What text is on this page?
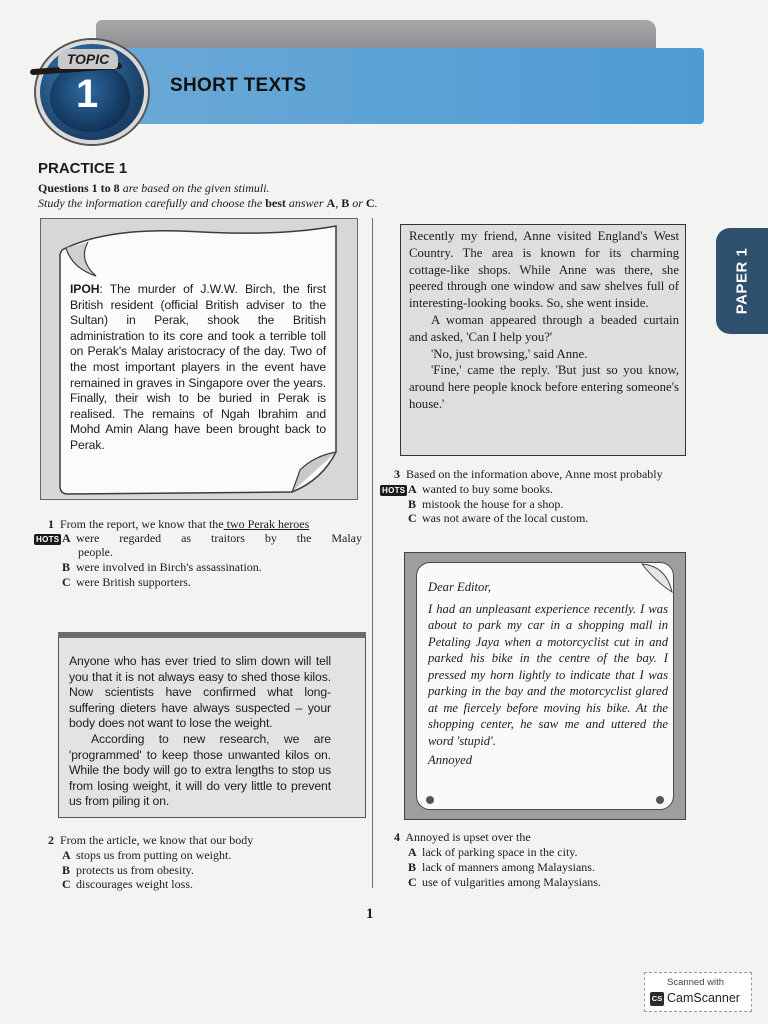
SHORT TEXTS
1
TOPIC
PAPER 1
PRACTICE 1
Questions 1 to 8 are based on the given stimuli.
Study the information carefully and choose the best answer A, B or C.
IPOH: The murder of J.W.W. Birch, the first British resident (official British adviser to the Sultan) in Perak, shook the British administration to its core and took a terrible toll on Perak's Malay aristocracy of the day. Two of the most important players in the event have remained in graves in Singapore over the years. Finally, their wish to be buried in Perak is realised. The remains of Ngah Ibrahim and Mohd Amin Alang have been brought back to Perak.
1 From the report, we know that the two Perak heroes
HOTS A were regarded as traitors by the Malay
people.
B were involved in Birch's assassination.
C were British supporters.
Anyone who has ever tried to slim down will tell you that it is not always easy to shed those kilos. Now scientists have confirmed what long-suffering dieters have always suspected – your body does not want to lose the weight.
According to new research, we are 'programmed' to keep those unwanted kilos on. While the body will go to extra lengths to stop us from losing weight, it will do very little to prevent us from piling it on.
2 From the article, we know that our body
A stops us from putting on weight.
B protects us from obesity.
C discourages weight loss.
Recently my friend, Anne visited England's West Country. The area is known for its charming cottage-like shops. While Anne was there, she peered through one window and saw shelves full of interesting-looking books. So, she went inside.
A woman appeared through a beaded curtain and asked, 'Can I help you?'
'No, just browsing,' said Anne.
'Fine,' came the reply. 'But just so you know, around here people knock before entering someone's house.'
3 Based on the information above, Anne most probably
HOTS A wanted to buy some books.
B mistook the house for a shop.
C was not aware of the local custom.
Dear Editor,
I had an unpleasant experience recently. I was about to park my car in a shopping mall in Petaling Jaya when a motorcyclist cut in and parked his bike in the centre of the bay. I pressed my horn lightly to indicate that I was parking in the bay and the motorcyclist glared at me fiercely before moving his bike. At the shopping center, he saw me and uttered the word 'stupid'.
Annoyed
4 Annoyed is upset over the
A lack of parking space in the city.
B lack of manners among Malaysians.
C use of vulgarities among Malaysians.
1
Scanned with
CS CamScanner
